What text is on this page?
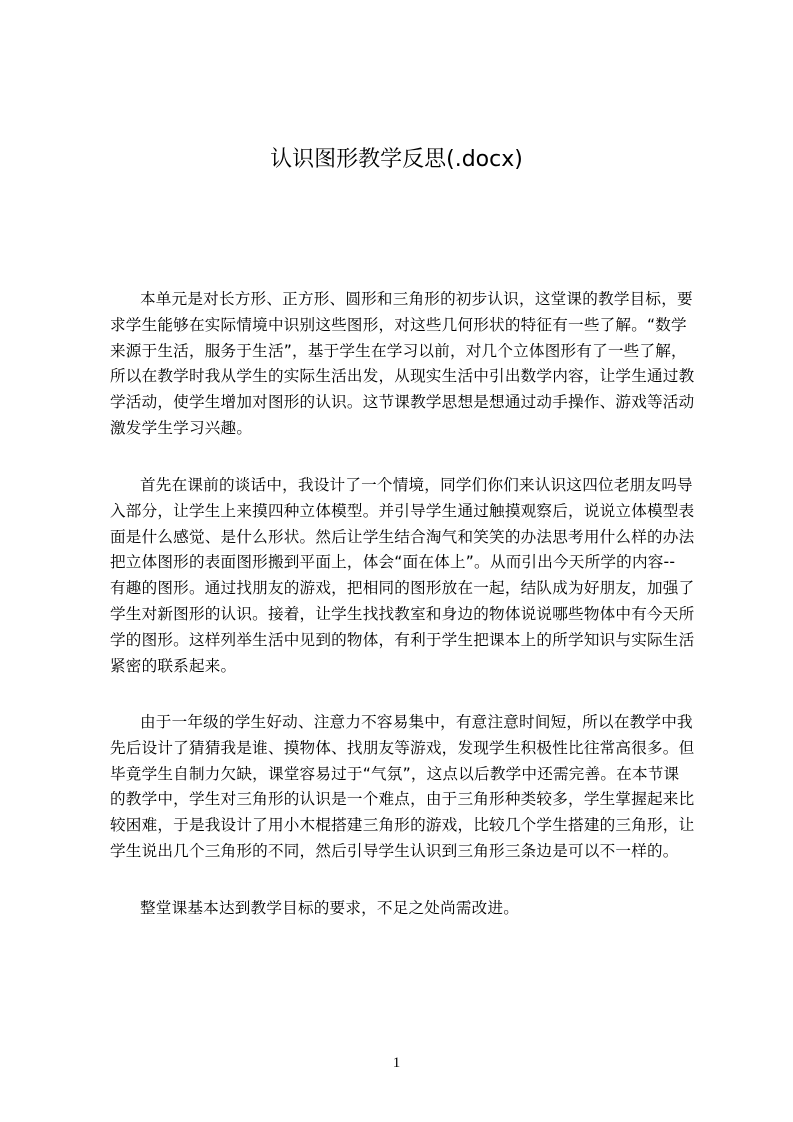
认识图形教学反思(.docx)
本单元是对长方形、正方形、圆形和三角形的初步认识，这堂课的教学目标，要
求学生能够在实际情境中识别这些图形，对这些几何形状的特征有一些了解。“数学
来源于生活，服务于生活”，基于学生在学习以前，对几个立体图形有了一些了解，
所以在教学时我从学生的实际生活出发，从现实生活中引出数学内容，让学生通过教
学活动，使学生增加对图形的认识。这节课教学思想是想通过动手操作、游戏等活动
激发学生学习兴趣。
首先在课前的谈话中，我设计了一个情境，同学们你们来认识这四位老朋友吗导
入部分，让学生上来摸四种立体模型。并引导学生通过触摸观察后，说说立体模型表
面是什么感觉、是什么形状。然后让学生结合淘气和笑笑的办法思考用什么样的办法
把立体图形的表面图形搬到平面上，体会“面在体上”。从而引出今天所学的内容--
有趣的图形。通过找朋友的游戏，把相同的图形放在一起，结队成为好朋友，加强了
学生对新图形的认识。接着，让学生找找教室和身边的物体说说哪些物体中有今天所
学的图形。这样列举生活中见到的物体，有利于学生把课本上的所学知识与实际生活
紧密的联系起来。
由于一年级的学生好动、注意力不容易集中，有意注意时间短，所以在教学中我
先后设计了猜猜我是谁、摸物体、找朋友等游戏，发现学生积极性比往常高很多。但
毕竟学生自制力欠缺，课堂容易过于“气氛”，这点以后教学中还需完善。在本节课
的教学中，学生对三角形的认识是一个难点，由于三角形种类较多，学生掌握起来比
较困难，于是我设计了用小木棍搭建三角形的游戏，比较几个学生搭建的三角形，让
学生说出几个三角形的不同，然后引导学生认识到三角形三条边是可以不一样的。
整堂课基本达到教学目标的要求，不足之处尚需改进。
1
